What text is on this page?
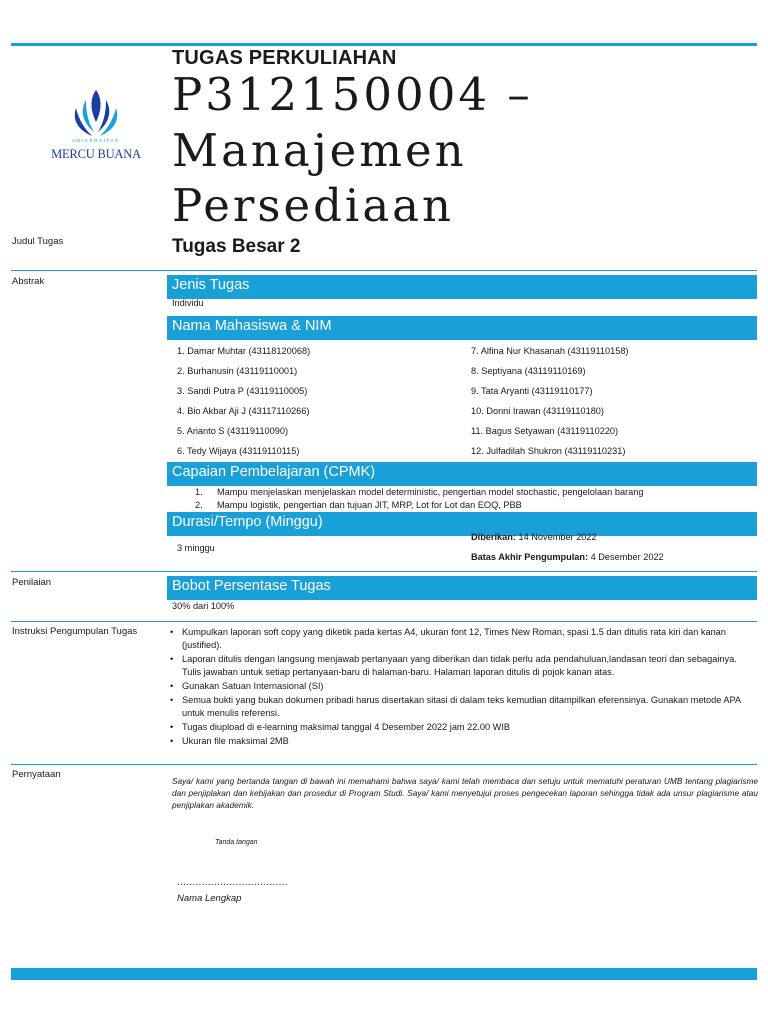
UNIVERSITAS
MERCU BUANA
TUGAS PERKULIAHAN
P312150004 –
Manajemen
Persediaan
Tugas Besar 2
Judul Tugas
Abstrak	Jenis Tugas
Individu
Nama Mahasiswa & NIM
1. Damar Muhtar (43118120068)
2. Burhanusin (43119110001)
3. Sandi Putra P (43119110005)
4. Bio Akbar Aji J (43117110266)
5. Arianto S (43119110090)
6. Tedy Wijaya (43119110115)
7. Alfina Nur Khasanah (43119110158)
8. Septiyana (43119110169)
9. Tata Aryanti (43119110177)
10. Donni Irawan (43119110180)
11. Bagus Setyawan (43119110220)
12. Julfadilah Shukron (43119110231)
Capaian Pembelajaran (CPMK)
1. Mampu menjelaskan menjelaskan model deterministic, pengertian model stochastic, pengelolaan barang
2. Mampu logistik, pengertian dan tujuan JIT, MRP, Lot for Lot dan EOQ, PBB
Durasi/Tempo (Minggu)
3 minggu
Diberikan: 14 November 2022
Batas Akhir Pengumpulan: 4 Desember 2022
Penilaian	Bobot Persentase Tugas
30% dari 100%
Instruksi Pengumpulan Tugas
•	Kumpulkan laporan soft copy yang diketik pada kertas A4, ukuran font 12, Times New Roman, spasi 1.5 dan ditulis rata kiri dan kanan (justified).
• Laporan ditulis dengan langsung menjawab pertanyaan yang diberikan dan tidak perlu ada pendahuluan,landasan teori dan sebagainya. Tulis jawaban untuk setiap pertanyaan-baru di halaman-baru. Halaman laporan ditulis di pojok kanan atas.
• Gunakan Satuan Internasional (SI)
• Semua bukti yang bukan dokumen pribadi harus disertakan sitasi di dalam teks kemudian ditampilkan eferensinya. Gunakan metode APA untuk menulis referensi.
• Tugas diupload di e-learning maksimal tanggal 4 Desember 2022 jam 22.00 WIB
• Ukuran file maksimal 2MB
Pernyataan
Saya/ kami yang bertanda tangan di bawah ini memahami bahwa saya/ kami telah membaca dan setuju untuk mematuhi peraturan UMB tentang plagiarisme dan penjiplakan dan kebijakan dan prosedur di Program Studi. Saya/ kami menyetujui proses pengecekan laporan sehingga tidak ada unsur plagiarisme atau penjiplakan akademik.
Tanda tangan
....................................
Nama Lengkap
